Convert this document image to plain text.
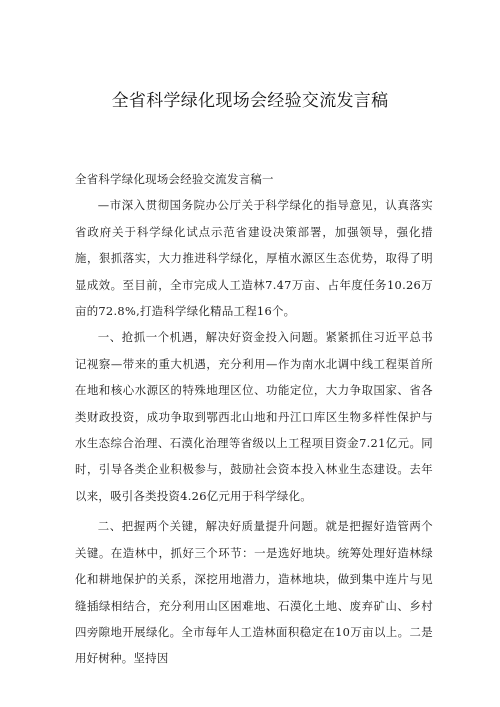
全省科学绿化现场会经验交流发言稿

全省科学绿化现场会经验交流发言稿一

—市深入贯彻国务院办公厅关于科学绿化的指导意见，认真落实省政府关于科学绿化试点示范省建设决策部署，加强领导，强化措施，狠抓落实，大力推进科学绿化，厚植水源区生态优势，取得了明显成效。至目前，全市完成人工造林7.47万亩、占年度任务10.26万亩的72.8%,打造科学绿化精品工程16个。

一、抢抓一个机遇，解决好资金投入问题。紧紧抓住习近平总书记视察—带来的重大机遇，充分利用—作为南水北调中线工程渠首所在地和核心水源区的特殊地理区位、功能定位，大力争取国家、省各类财政投资，成功争取到鄂西北山地和丹江口库区生物多样性保护与水生态综合治理、石漠化治理等省级以上工程项目资金7.21亿元。同时，引导各类企业积极参与，鼓励社会资本投入林业生态建设。去年以来，吸引各类投资4.26亿元用于科学绿化。

二、把握两个关键，解决好质量提升问题。就是把握好造管两个关键。在造林中，抓好三个环节：一是选好地块。统筹处理好造林绿化和耕地保护的关系，深挖用地潜力，造林地块，做到集中连片与见缝插绿相结合，充分利用山区困难地、石漠化土地、废弃矿山、乡村四旁隙地开展绿化。全市每年人工造林面积稳定在10万亩以上。二是用好树种。坚持因
